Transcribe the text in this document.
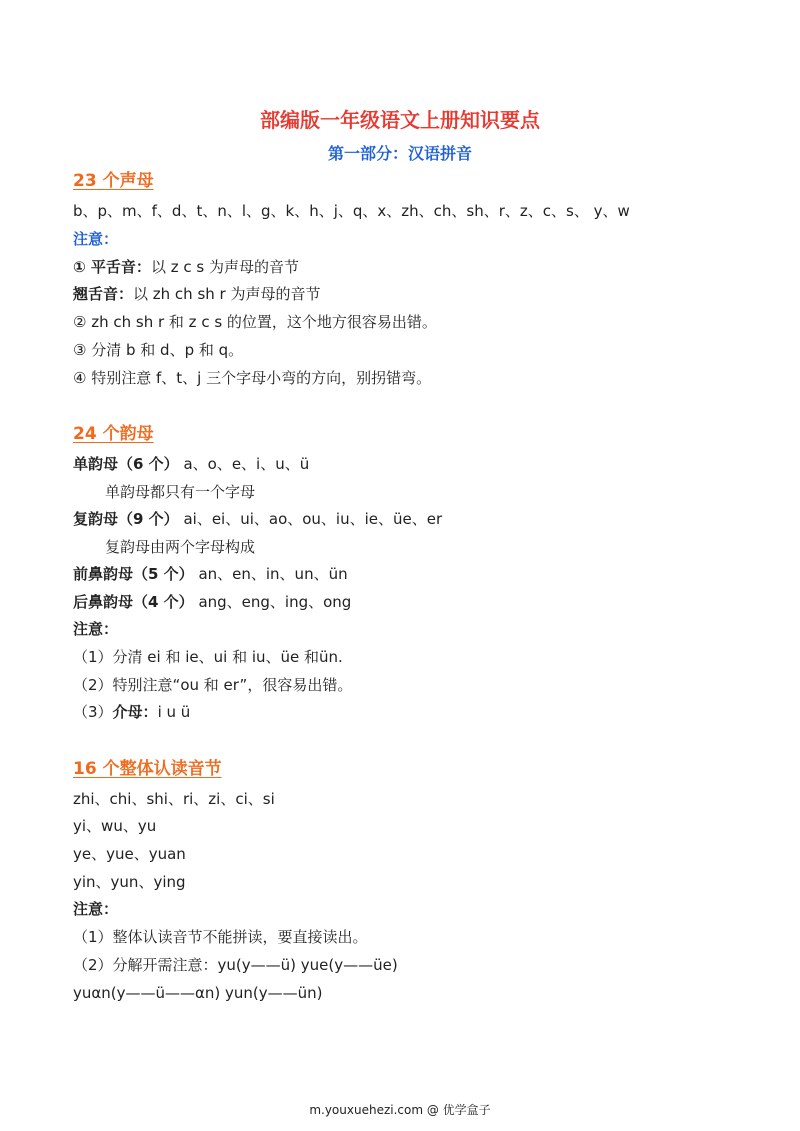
部编版一年级语文上册知识要点
第一部分：汉语拼音
23 个声母
b、p、m、f、d、t、n、l、g、k、h、j、q、x、zh、ch、sh、r、z、c、s、 y、w
注意：
① 平舌音：以 z c s 为声母的音节
翘舌音：以 zh ch sh r 为声母的音节
② zh ch sh r 和 z c s 的位置，这个地方很容易出错。
③ 分清 b 和 d、p 和 q。
④ 特别注意 f、t、j 三个字母小弯的方向，别拐错弯。
24 个韵母
单韵母（6 个） a、o、e、i、u、ü
单韵母都只有一个字母
复韵母（9 个） ai、ei、ui、ao、ou、iu、ie、üe、er
复韵母由两个字母构成
前鼻韵母（5 个） an、en、in、un、ün
后鼻韵母（4 个） ang、eng、ing、ong
注意：
（1）分清 ei 和 ie、ui 和 iu、üe 和ün.
（2）特别注意“ou 和 er”，很容易出错。
（3）介母：i u ü
16 个整体认读音节
zhi、chi、shi、ri、zi、ci、si
yi、wu、yu
ye、yue、yuan
yin、yun、ying
注意：
（1）整体认读音节不能拼读，要直接读出。
（2）分解开需注意：yu(y——ü) yue(y——üe)
yuαn(y——ü——αn) yun(y——ün)
m.youxuehezi.com @ 优学盒子
